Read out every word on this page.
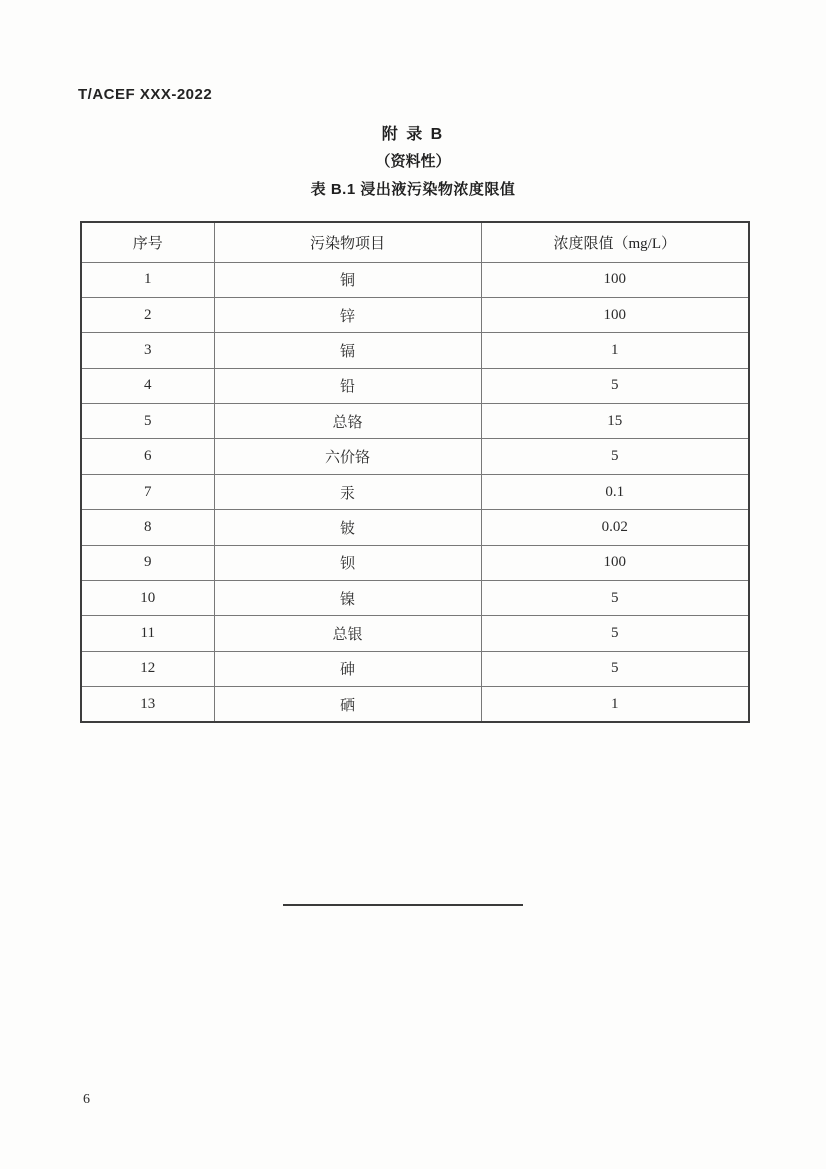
T/ACEF XXX-2022
附 录 B
（资料性）
表 B.1 浸出液污染物浓度限值
序号	污染物项目	浓度限值（mg/L）
1	铜	100
2	锌	100
3	镉	1
4	铅	5
5	总铬	15
6	六价铬	5
7	汞	0.1
8	铍	0.02
9	钡	100
10	镍	5
11	总银	5
12	砷	5
13	硒	1
6
